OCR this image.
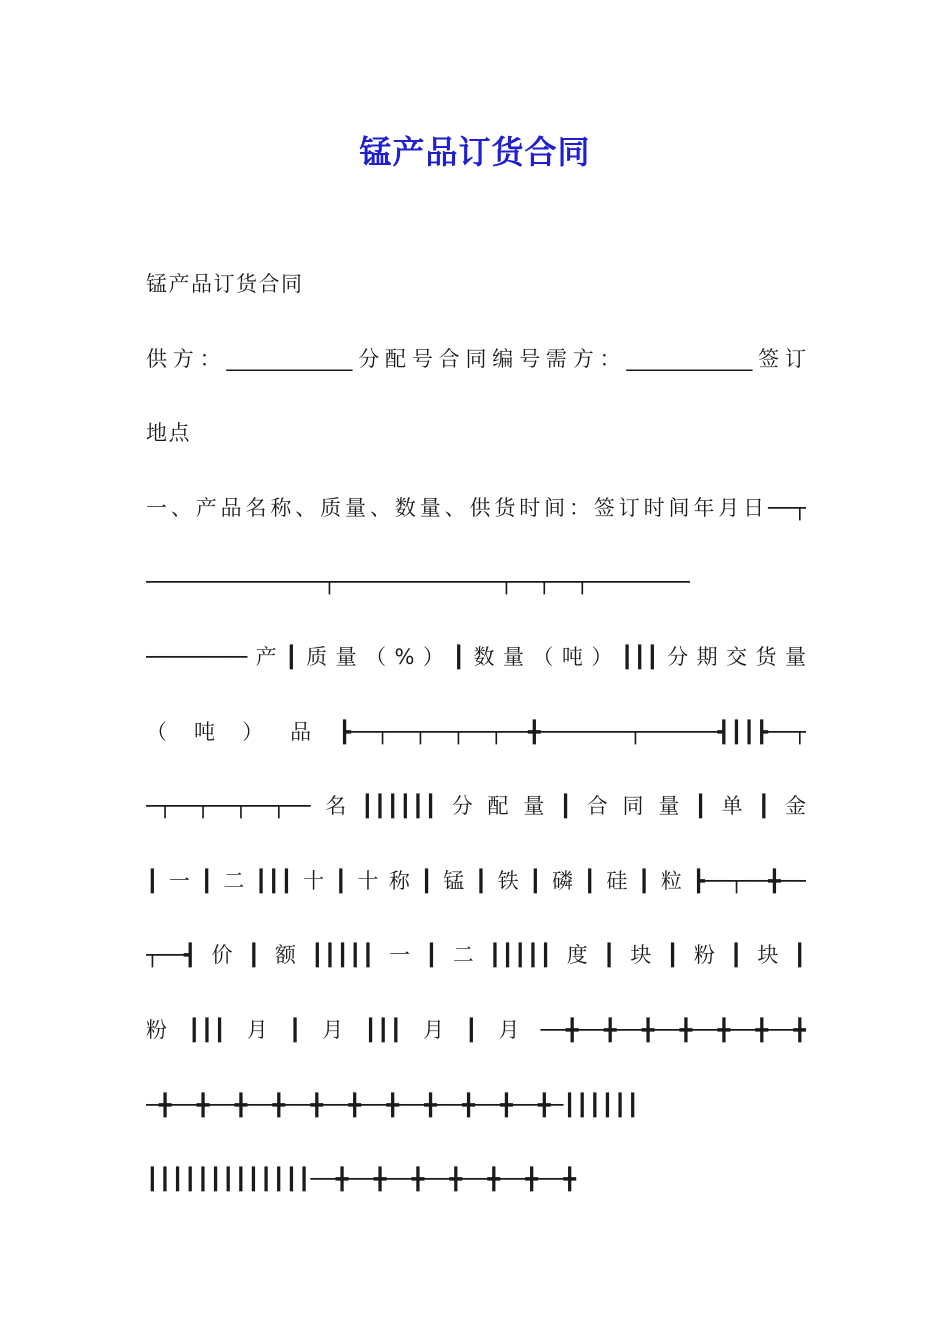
锰产品订货合同
锰产品订货合同
供方：____________分配号合同编号需方：____________签订
地点
一、产品名称、质量、数量、供货时间：签订时间年月日──┬
──────────────┬─────────────┬──┬──┬────────
────────产┃质量（%）┃数量（吨）┃┃┃分期交货量
（吨）品┣──┬──┬──┬──┬──╋───────┬──────┫┃┃┣──┬
─┬──┬──┬──┬──名┃┃┃┃┃┃分配量┃合同量┃单┃金
┃一┃二┃┃┃十┃十称┃锰┃铁┃磷┃硅┃粒┣──┬──╋──
┬──┫价┃额┃┃┃┃┃一┃二┃┃┃┃┃度┃块┃粉┃块┃
粉┃┃┃月┃月┃┃┃月┃月──╋──╋──╋──╋──╋──╋──╋
─╋──╋──╋──╋──╋──╋──╋──╋──╋──╋──╋─┃┃┃┃┃┃
┃┃┃┃┃┃┃┃┃┃┃┃┃──╋──╋──╋──╋──╋──╋──╋
